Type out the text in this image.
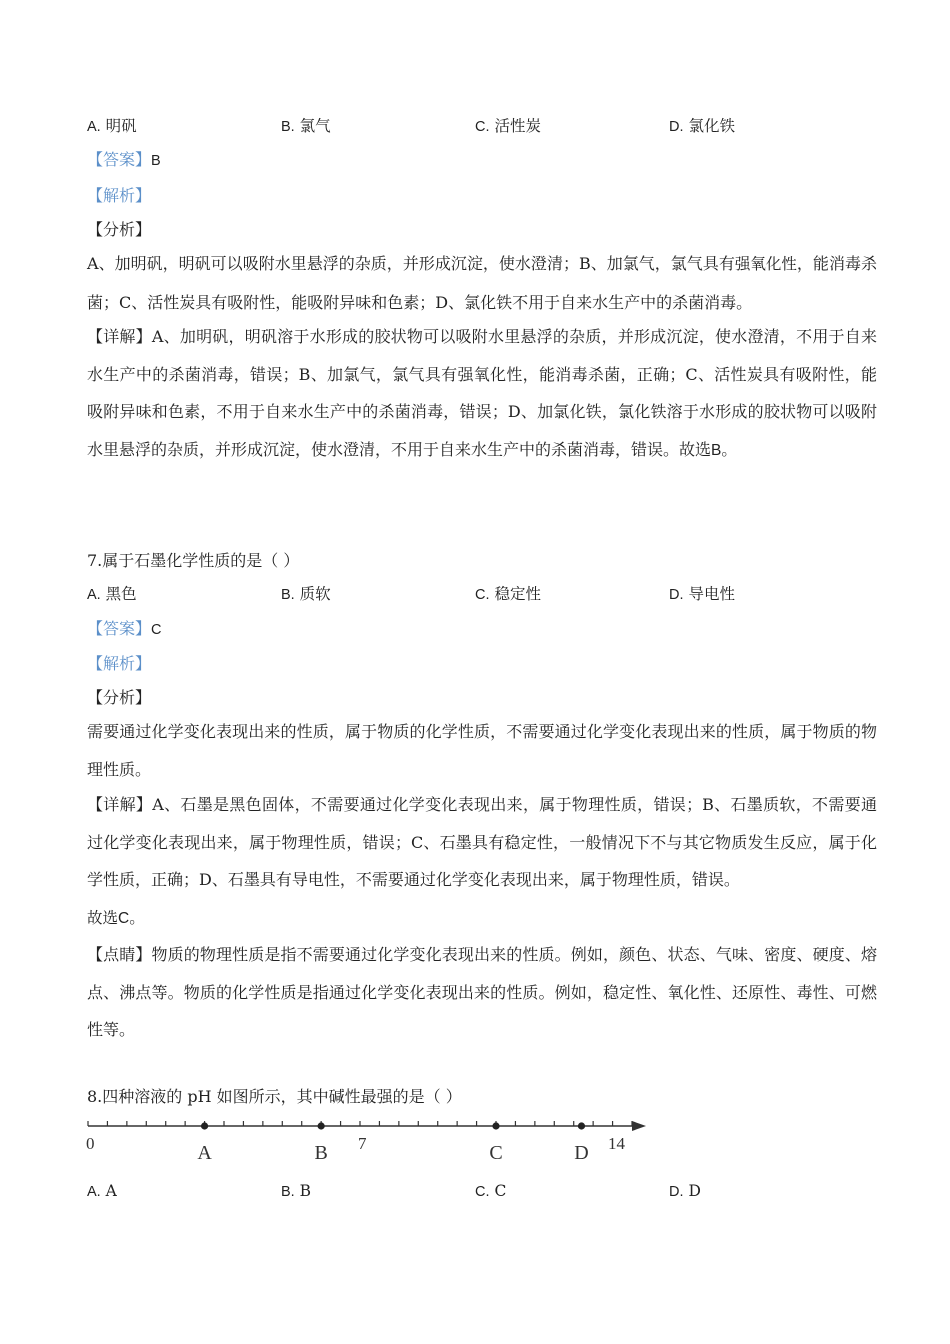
A. 明矾	B. 氯气	C. 活性炭	D. 氯化铁
【答案】B
【解析】
【分析】
A、加明矾，明矾可以吸附水里悬浮的杂质，并形成沉淀，使水澄清；B、加氯气，氯气具有强氧化性，能消毒杀菌；C、活性炭具有吸附性，能吸附异味和色素；D、氯化铁不用于自来水生产中的杀菌消毒。
【详解】A、加明矾，明矾溶于水形成的胶状物可以吸附水里悬浮的杂质，并形成沉淀，使水澄清，不用于自来水生产中的杀菌消毒，错误；B、加氯气，氯气具有强氧化性，能消毒杀菌，正确；C、活性炭具有吸附性，能吸附异味和色素，不用于自来水生产中的杀菌消毒，错误；D、加氯化铁，氯化铁溶于水形成的胶状物可以吸附水里悬浮的杂质，并形成沉淀，使水澄清，不用于自来水生产中的杀菌消毒，错误。故选B。
7.属于石墨化学性质的是（ ）
A. 黑色	B. 质软	C. 稳定性	D. 导电性
【答案】C
【解析】
【分析】
需要通过化学变化表现出来的性质，属于物质的化学性质，不需要通过化学变化表现出来的性质，属于物质的物理性质。
【详解】A、石墨是黑色固体，不需要通过化学变化表现出来，属于物理性质，错误；B、石墨质软，不需要通过化学变化表现出来，属于物理性质，错误；C、石墨具有稳定性，一般情况下不与其它物质发生反应，属于化学性质，正确；D、石墨具有导电性，不需要通过化学变化表现出来，属于物理性质，错误。
故选C。
【点睛】物质的物理性质是指不需要通过化学变化表现出来的性质。例如，颜色、状态、气味、密度、硬度、熔点、沸点等。物质的化学性质是指通过化学变化表现出来的性质。例如，稳定性、氧化性、还原性、毒性、可燃性等。
8.四种溶液的 pH 如图所示，其中碱性最强的是（ ）
0	7	14
A	B	C	D
A. A	B. B	C. C	D. D
